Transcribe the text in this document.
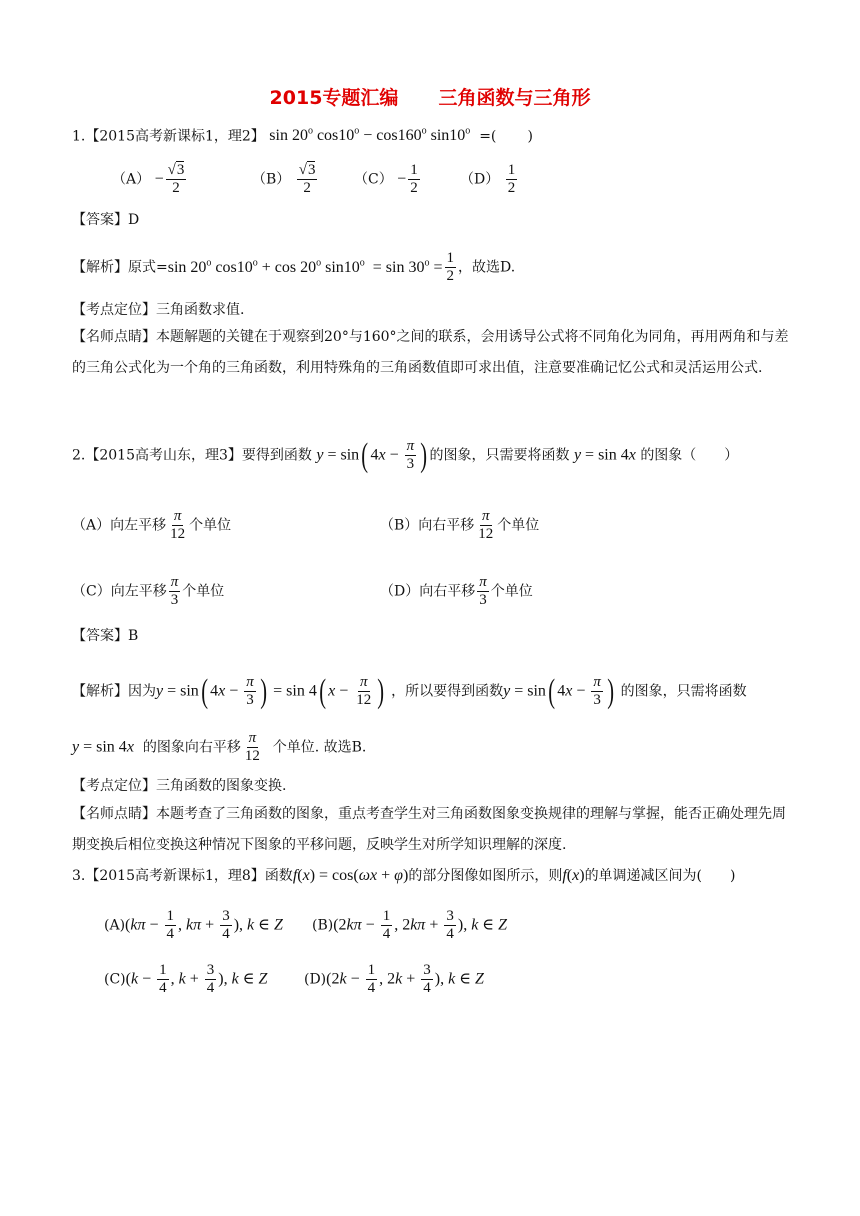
2015专题汇编 三角函数与三角形
1.【2015高考新课标1，理2】 sin 20$^o$ $\cos 10^o - \cos 160^o$ sin10$^o$  =(       )
$(A) - \frac{√3}{2}$	$(B) \frac{√3}{2}$	$(C) - \frac{1}{2}$	$(D) \frac{1}{2}$
【答案】D
【解析】原式=sin 20$^o$ $\cos 10^o + \cos 20^o$ $\sin 10^o = \sin 30^o = \frac{1}{2}$ ，故选D.
【考点定位】三角函数求值.
【名师点睛】本题解题的关键在于观察到20°与160°之间的联系，会用诱导公式将不同角化为同角，再用两角和与差的三角公式化为一个角的三角函数，利用特殊角的三角函数值即可求出值，注意要准确记忆公式和灵活运用公式.
2.【2015高考山东，理3】要得到函数 y = sin( $4x - \frac{\pi}{3}$ ) 的图象，只需要将函数 y = sin 4x 的图象（　　）
（A）向左平移 $\frac{\pi}{12}$ 个单位	（B）向右平移 $\frac{\pi}{12}$ 个单位
（C）向左平移 $\frac{\pi}{3}$ 个单位	（D）向右平移 $\frac{\pi}{3}$ 个单位
【答案】B
【解析】因为y = sin( $4x - \frac{\pi}{3}$ ) = sin 4( $x - \frac{\pi}{12}$ ) ，所以要得到函数y = sin( $4x - \frac{\pi}{3}$ ) 的图象，只需将函数
y = sin 4x 的图象向右平移 $\frac{\pi}{12}$ 个单位. 故选B.
【考点定位】三角函数的图象变换.
【名师点睛】本题考查了三角函数的图象，重点考查学生对三角函数图象变换规律的理解与掌握，能否正确处理先周期变换后相位变换这种情况下图象的平移问题，反映学生对所学知识理解的深度.
3.【2015高考新课标1，理8】函数f(x) = cos(ωx + φ)的部分图像如图所示，则f(x)的单调递减区间为(　　)
$(A)(k\pi - \frac{1}{4}$ , $k\pi + \frac{3}{4}$ ), k ∈ Z $(B)(2k\pi - \frac{1}{4}$ , $2k\pi + \frac{3}{4}$ ), k ∈ Z
$(C)(k - \frac{1}{4}$ , $k + \frac{3}{4}$ ), k ∈ Z	$(D)(2k - \frac{1}{4}$ , $2k + \frac{3}{4}$ ), k ∈ Z
